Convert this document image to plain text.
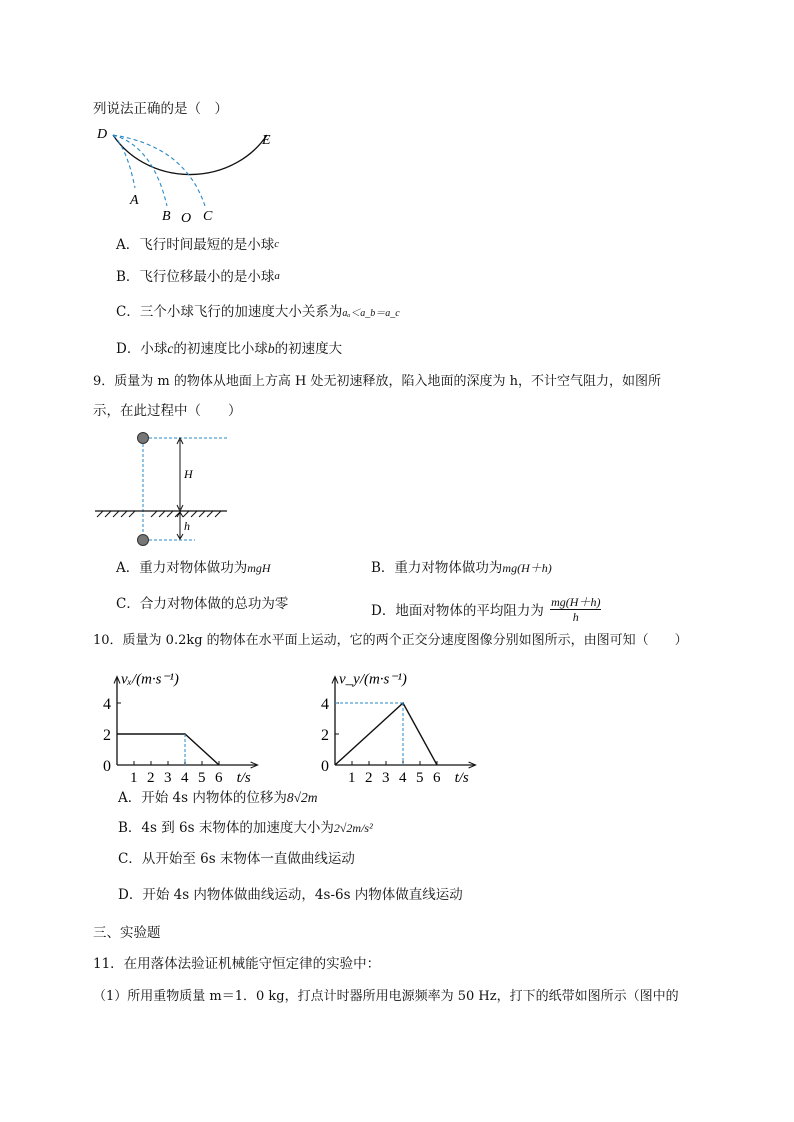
列说法正确的是（　）
D	E
A
B O C
A．飞行时间最短的是小球c
B．飞行位移最小的是小球a
C．三个小球飞行的加速度大小关系为aₐ＜a_b＝a_c
D．小球c的初速度比小球b的初速度大
9．质量为 m 的物体从地面上方高 H 处无初速释放，陷入地面的深度为 h，不计空气阻力，如图所
示，在此过程中（　　）
H
h
A．重力对物体做功为mgH	B．重力对物体做功为mg(H＋h)
C．合力对物体做的总功为零	D．地面对物体的平均阻力为 $\frac{mg(H+h)}{h}$
10．质量为 0.2kg 的物体在水平面上运动，它的两个正交分速度图像分别如图所示，由图可知（　　）
0
2
4
1 2 3 4 5 6
vₓ/(m·s⁻¹)
t/s
0
2
4
1 2 3 4 5 6
v_y/(m·s⁻¹)
t/s
A．开始 4s 内物体的位移为8√2m
B．4s 到 6s 末物体的加速度大小为2√2m/s²
C．从开始至 6s 末物体一直做曲线运动
D．开始 4s 内物体做曲线运动，4s-6s 内物体做直线运动
三、实验题
11．在用落体法验证机械能守恒定律的实验中：
（1）所用重物质量 m＝1．0 kg，打点计时器所用电源频率为 50 Hz，打下的纸带如图所示（图中的
